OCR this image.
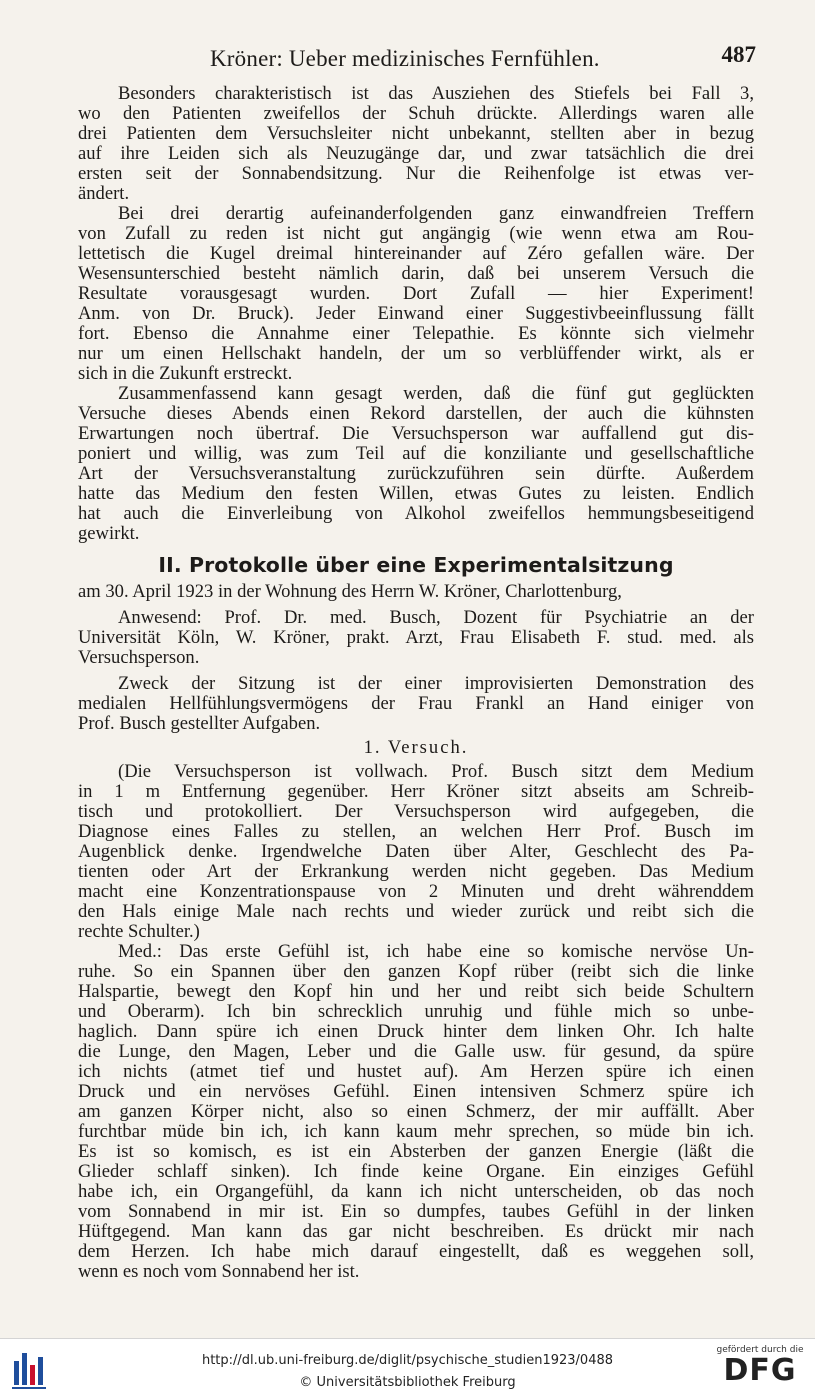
Kröner: Ueber medizinisches Fernfühlen.	487
Besonders charakteristisch ist das Ausziehen des Stiefels bei Fall 3,
wo den Patienten zweifellos der Schuh drückte. Allerdings waren alle
drei Patienten dem Versuchsleiter nicht unbekannt, stellten aber in bezug
auf ihre Leiden sich als Neuzugänge dar, und zwar tatsächlich die drei
ersten seit der Sonnabendsitzung. Nur die Reihenfolge ist etwas ver-
ändert.
Bei drei derartig aufeinanderfolgenden ganz einwandfreien Treffern
von Zufall zu reden ist nicht gut angängig (wie wenn etwa am Rou-
lettetisch die Kugel dreimal hintereinander auf Zéro gefallen wäre. Der
Wesensunterschied besteht nämlich darin, daß bei unserem Versuch die
Resultate vorausgesagt wurden. Dort Zufall — hier Experiment!
Anm. von Dr. Bruck). Jeder Einwand einer Suggestivbeeinflussung fällt
fort. Ebenso die Annahme einer Telepathie. Es könnte sich vielmehr
nur um einen Hellschakt handeln, der um so verblüffender wirkt, als er
sich in die Zukunft erstreckt.
Zusammenfassend kann gesagt werden, daß die fünf gut geglückten
Versuche dieses Abends einen Rekord darstellen, der auch die kühnsten
Erwartungen noch übertraf. Die Versuchsperson war auffallend gut dis-
poniert und willig, was zum Teil auf die konziliante und gesellschaftliche
Art der Versuchsveranstaltung zurückzuführen sein dürfte. Außerdem
hatte das Medium den festen Willen, etwas Gutes zu leisten. Endlich
hat auch die Einverleibung von Alkohol zweifellos hemmungsbeseitigend
gewirkt.
II. Protokolle über eine Experimentalsitzung
am 30. April 1923 in der Wohnung des Herrn W. Kröner, Charlottenburg,
Anwesend: Prof. Dr. med. Busch, Dozent für Psychiatrie an der
Universität Köln, W. Kröner, prakt. Arzt, Frau Elisabeth F. stud. med. als
Versuchsperson.
Zweck der Sitzung ist der einer improvisierten Demonstration des
medialen Hellfühlungsvermögens der Frau Frankl an Hand einiger von
Prof. Busch gestellter Aufgaben.
1. Versuch.
(Die Versuchsperson ist vollwach. Prof. Busch sitzt dem Medium
in 1 m Entfernung gegenüber. Herr Kröner sitzt abseits am Schreib-
tisch und protokolliert. Der Versuchsperson wird aufgegeben, die
Diagnose eines Falles zu stellen, an welchen Herr Prof. Busch im
Augenblick denke. Irgendwelche Daten über Alter, Geschlecht des Pa-
tienten oder Art der Erkrankung werden nicht gegeben. Das Medium
macht eine Konzentrationspause von 2 Minuten und dreht währenddem
den Hals einige Male nach rechts und wieder zurück und reibt sich die
rechte Schulter.)
Med.: Das erste Gefühl ist, ich habe eine so komische nervöse Un-
ruhe. So ein Spannen über den ganzen Kopf rüber (reibt sich die linke
Halspartie, bewegt den Kopf hin und her und reibt sich beide Schultern
und Oberarm). Ich bin schrecklich unruhig und fühle mich so unbe-
haglich. Dann spüre ich einen Druck hinter dem linken Ohr. Ich halte
die Lunge, den Magen, Leber und die Galle usw. für gesund, da spüre
ich nichts (atmet tief und hustet auf). Am Herzen spüre ich einen
Druck und ein nervöses Gefühl. Einen intensiven Schmerz spüre ich
am ganzen Körper nicht, also so einen Schmerz, der mir auffällt. Aber
furchtbar müde bin ich, ich kann kaum mehr sprechen, so müde bin ich.
Es ist so komisch, es ist ein Absterben der ganzen Energie (läßt die
Glieder schlaff sinken). Ich finde keine Organe. Ein einziges Gefühl
habe ich, ein Organgefühl, da kann ich nicht unterscheiden, ob das noch
vom Sonnabend in mir ist. Ein so dumpfes, taubes Gefühl in der linken
Hüftgegend. Man kann das gar nicht beschreiben. Es drückt mir nach
dem Herzen. Ich habe mich darauf eingestellt, daß es weggehen soll,
wenn es noch vom Sonnabend her ist.
http://dl.ub.uni-freiburg.de/diglit/psychische_studien1923/0488
© Universitätsbibliothek Freiburg
gefördert durch die
DFG
